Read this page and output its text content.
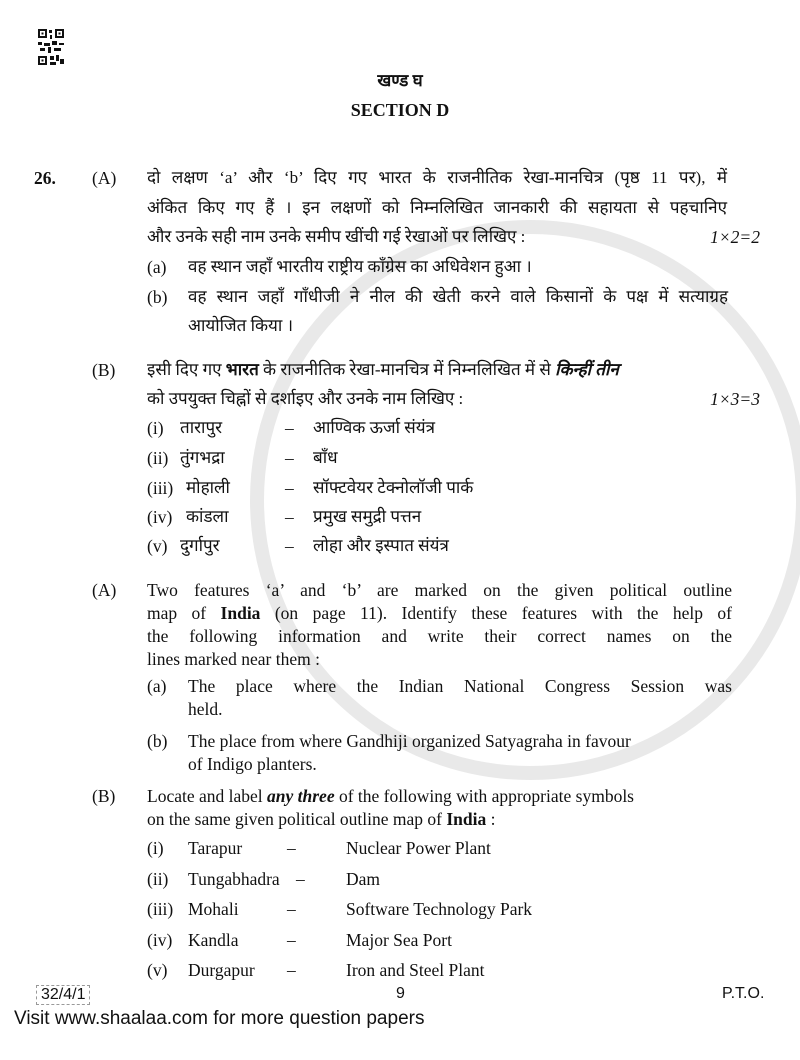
खण्ड घ
SECTION D
26. (A) दो लक्षण ‘a’ और ‘b’ दिए गए भारत के राजनीतिक रेखा-मानचित्र (पृष्ठ 11 पर), में
अंकित किए गए हैं । इन लक्षणों को निम्नलिखित जानकारी की सहायता से पहचानिए
और उनके सही नाम उनके समीप खींची गई रेखाओं पर लिखिए :	1×2=2
(a) वह स्थान जहाँ भारतीय राष्ट्रीय कॉंग्रेस का अधिवेशन हुआ ।
(b) वह स्थान जहाँ गाँधीजी ने नील की खेती करने वाले किसानों के पक्ष में सत्याग्रह
आयोजित किया ।
(B) इसी दिए गए भारत के राजनीतिक रेखा-मानचित्र में निम्नलिखित में से किन्हीं तीन
को उपयुक्त चिह्नों से दर्शाइए और उनके नाम लिखिए :	1×3=3
(i) तारापुर	– आण्विक ऊर्जा संयंत्र
(ii) तुंगभद्रा	– बाँध
(iii) मोहाली	– सॉफ्टवेयर टेक्नोलॉजी पार्क
(iv) कांडला	– प्रमुख समुद्री पत्तन
(v) दुर्गापुर	– लोहा और इस्पात संयंत्र
(A) Two features ‘a’ and ‘b’ are marked on the given political outline
map of India (on page 11). Identify these features with the help of
the following information and write their correct names on the
lines marked near them :
(a) The place where the Indian National Congress Session was
held.
(b) The place from where Gandhiji organized Satyagraha in favour
of Indigo planters.
(B) Locate and label any three of the following with appropriate symbols
on the same given political outline map of India :
(i) Tarapur	–	Nuclear Power Plant
(ii) Tungabhadra – Dam
(iii) Mohali	–	Software Technology Park
(iv) Kandla	–	Major Sea Port
(v) Durgapur –	Iron and Steel Plant
32/4/1	9	P.T.O.
Visit www.shaalaa.com for more question papers
